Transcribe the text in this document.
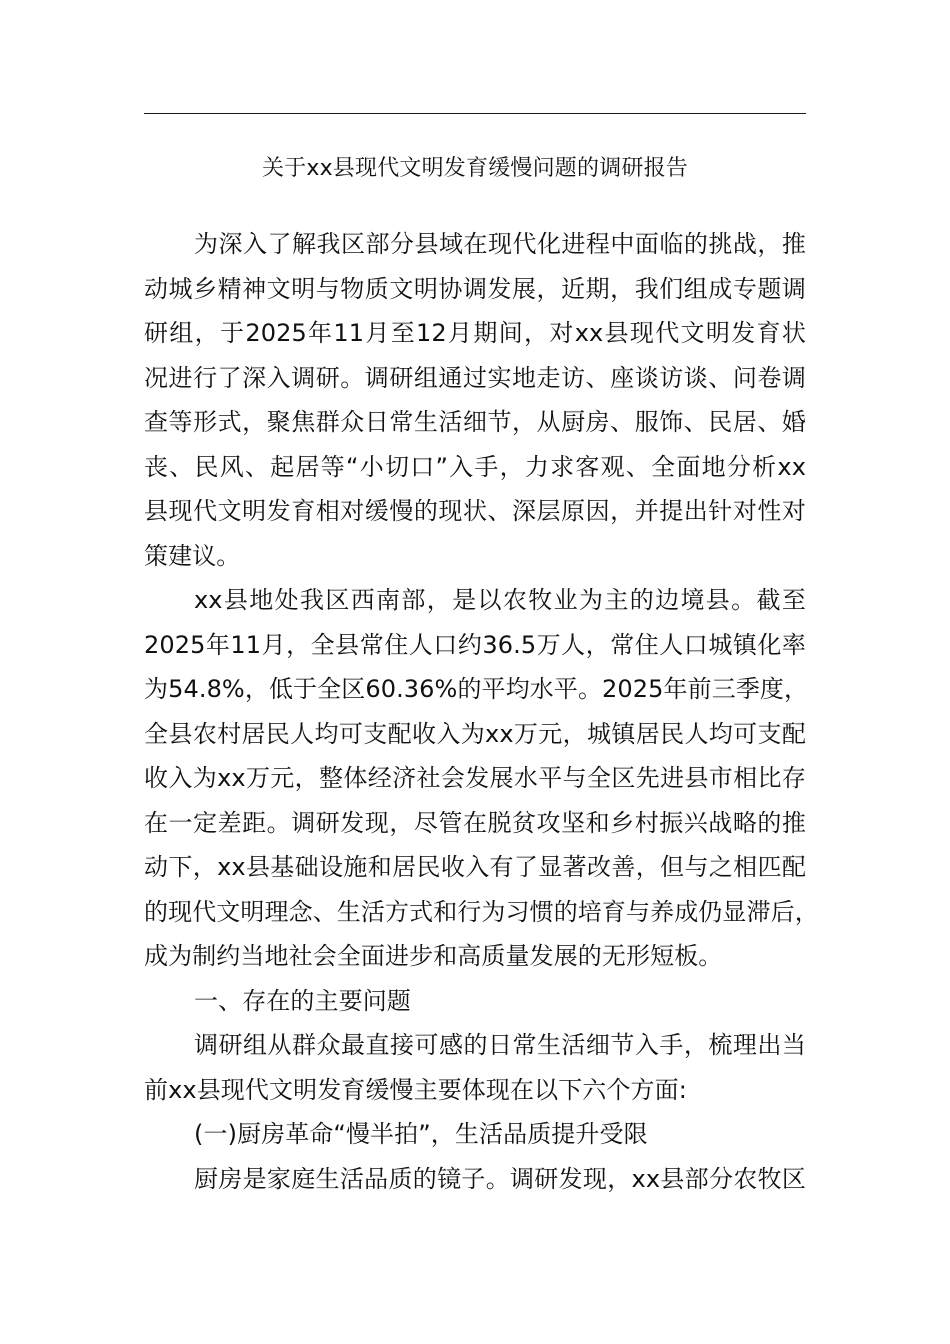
关于xx县现代文明发育缓慢问题的调研报告
为深入了解我区部分县域在现代化进程中面临的挑战，推
动城乡精神文明与物质文明协调发展，近期，我们组成专题调
研组，于2025年11月至12月期间，对xx县现代文明发育状
况进行了深入调研。调研组通过实地走访、座谈访谈、问卷调
查等形式，聚焦群众日常生活细节，从厨房、服饰、民居、婚
丧、民风、起居等“小切口”入手，力求客观、全面地分析xx
县现代文明发育相对缓慢的现状、深层原因，并提出针对性对
策建议。
xx县地处我区西南部，是以农牧业为主的边境县。截至
2025年11月，全县常住人口约36.5万人，常住人口城镇化率
为54.8%，低于全区60.36%的平均水平。2025年前三季度，
全县农村居民人均可支配收入为xx万元，城镇居民人均可支配
收入为xx万元，整体经济社会发展水平与全区先进县市相比存
在一定差距。调研发现，尽管在脱贫攻坚和乡村振兴战略的推
动下，xx县基础设施和居民收入有了显著改善，但与之相匹配
的现代文明理念、生活方式和行为习惯的培育与养成仍显滞后，
成为制约当地社会全面进步和高质量发展的无形短板。
一、存在的主要问题
调研组从群众最直接可感的日常生活细节入手，梳理出当
前xx县现代文明发育缓慢主要体现在以下六个方面:
(一)厨房革命“慢半拍”，生活品质提升受限
厨房是家庭生活品质的镜子。调研发现，xx县部分农牧区
